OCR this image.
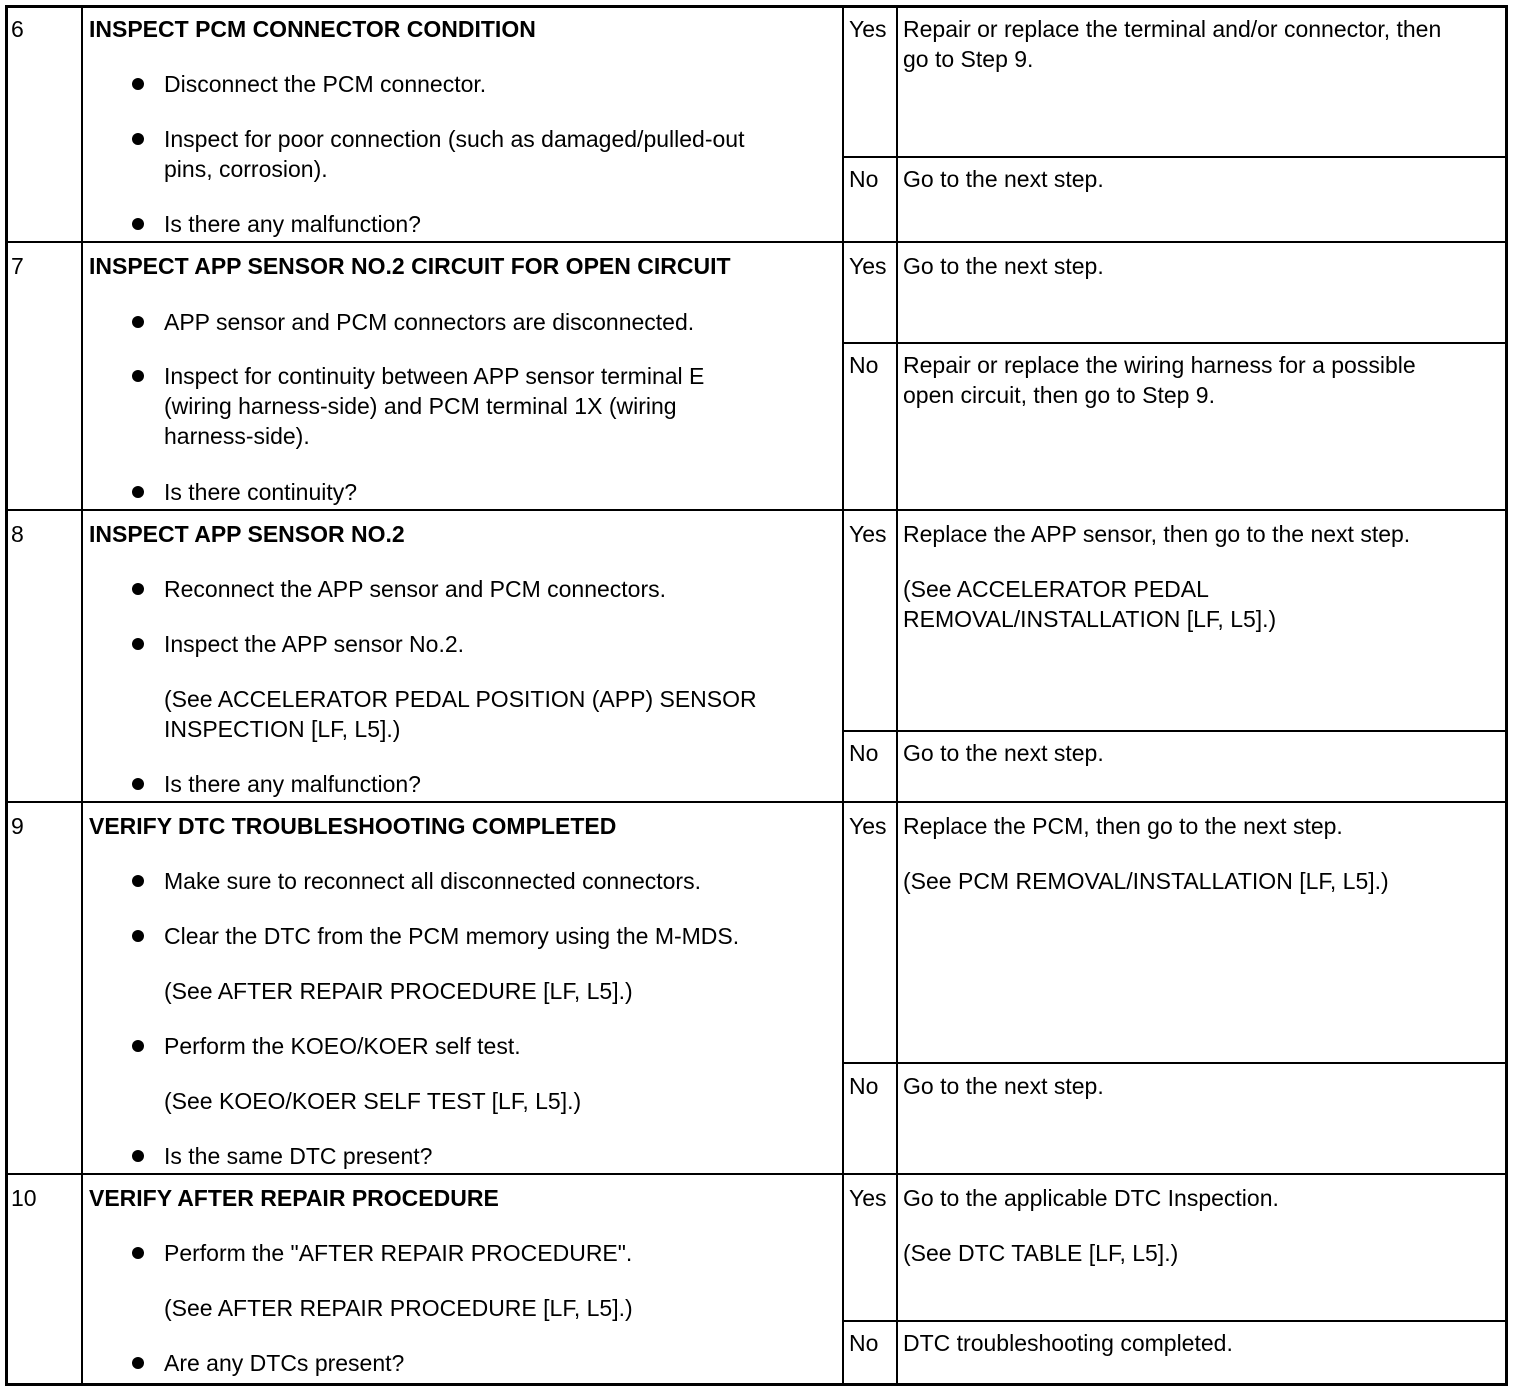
6	INSPECT PCM CONNECTOR CONDITION
Disconnect the PCM connector.
Inspect for poor connection (such as damaged/pulled-out
pins, corrosion).
Is there any malfunction?
Yes Repair or replace the terminal and/or connector, then
go to Step 9.
No Go to the next step.
7	INSPECT APP SENSOR NO.2 CIRCUIT FOR OPEN CIRCUIT
APP sensor and PCM connectors are disconnected.
Inspect for continuity between APP sensor terminal E
(wiring harness-side) and PCM terminal 1X (wiring
harness-side).
Is there continuity?
Yes Go to the next step.
No Repair or replace the wiring harness for a possible
open circuit, then go to Step 9.
8	INSPECT APP SENSOR NO.2
Reconnect the APP sensor and PCM connectors.
Inspect the APP sensor No.2.
(See ACCELERATOR PEDAL POSITION (APP) SENSOR
INSPECTION [LF, L5].)
Is there any malfunction?
Yes Replace the APP sensor, then go to the next step.
(See ACCELERATOR PEDAL
REMOVAL/INSTALLATION [LF, L5].)
No Go to the next step.
9	VERIFY DTC TROUBLESHOOTING COMPLETED
Make sure to reconnect all disconnected connectors.
Clear the DTC from the PCM memory using the M-MDS.
(See AFTER REPAIR PROCEDURE [LF, L5].)
Perform the KOEO/KOER self test.
(See KOEO/KOER SELF TEST [LF, L5].)
Is the same DTC present?
Yes Replace the PCM, then go to the next step.
(See PCM REMOVAL/INSTALLATION [LF, L5].)
No Go to the next step.
10 VERIFY AFTER REPAIR PROCEDURE
Perform the "AFTER REPAIR PROCEDURE".
(See AFTER REPAIR PROCEDURE [LF, L5].)
Are any DTCs present?
Yes Go to the applicable DTC Inspection.
(See DTC TABLE [LF, L5].)
No DTC troubleshooting completed.
